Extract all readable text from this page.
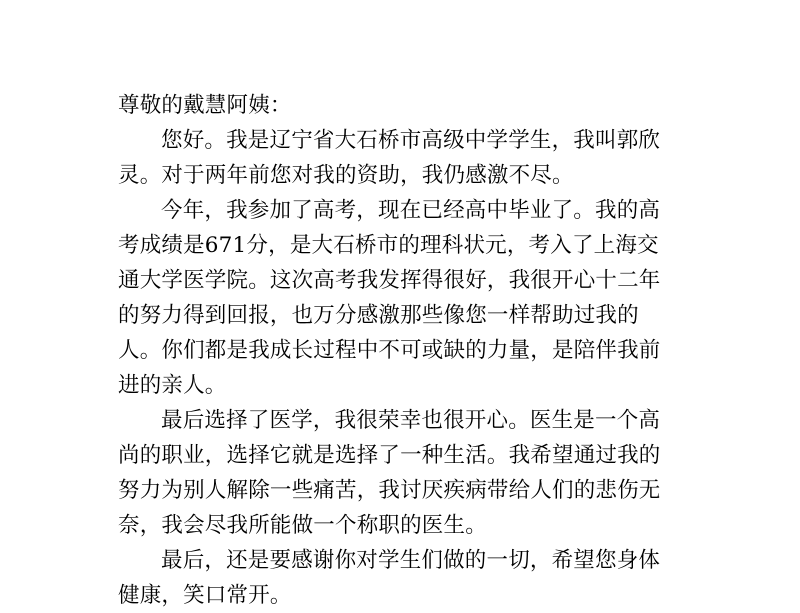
尊敬的戴慧阿姨：

您好。我是辽宁省大石桥市高级中学学生，我叫郭欣灵。对于两年前您对我的资助，我仍感激不尽。

今年，我参加了高考，现在已经高中毕业了。我的高考成绩是671分，是大石桥市的理科状元，考入了上海交通大学医学院。这次高考我发挥得很好，我很开心十二年的努力得到回报，也万分感激那些像您一样帮助过我的人。你们都是我成长过程中不可或缺的力量，是陪伴我前进的亲人。

最后选择了医学，我很荣幸也很开心。医生是一个高尚的职业，选择它就是选择了一种生活。我希望通过我的努力为别人解除一些痛苦，我讨厌疾病带给人们的悲伤无奈，我会尽我所能做一个称职的医生。

最后，还是要感谢你对学生们做的一切，希望您身体健康，笑口常开。
